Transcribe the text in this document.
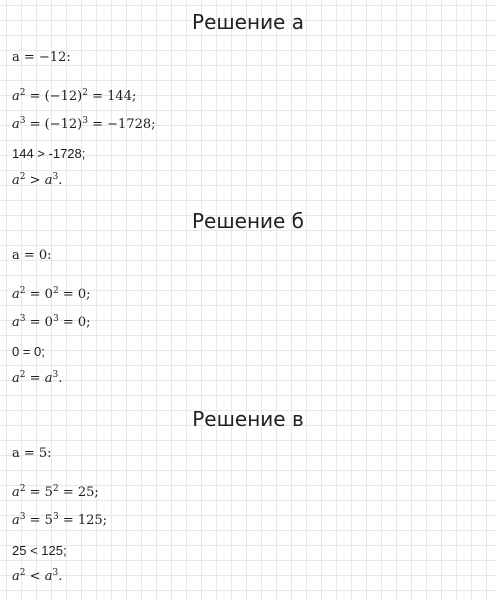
Решение а
a = −12:
$a^2 = (-12)^2 = 144$;
$a^3 = (-12)^3 = -1728$;
144 > -1728;
$a^2 > a^3$.
Решение б
a = 0:
$a^2 = 0^2 = 0$;
$a^3 = 0^3 = 0$;
0 = 0;
$a^2 = a^3$.
Решение в
a = 5:
$a^2 = 5^2 = 25$;
$a^3 = 5^3 = 125$;
25 < 125;
$a^2 < a^3$.
